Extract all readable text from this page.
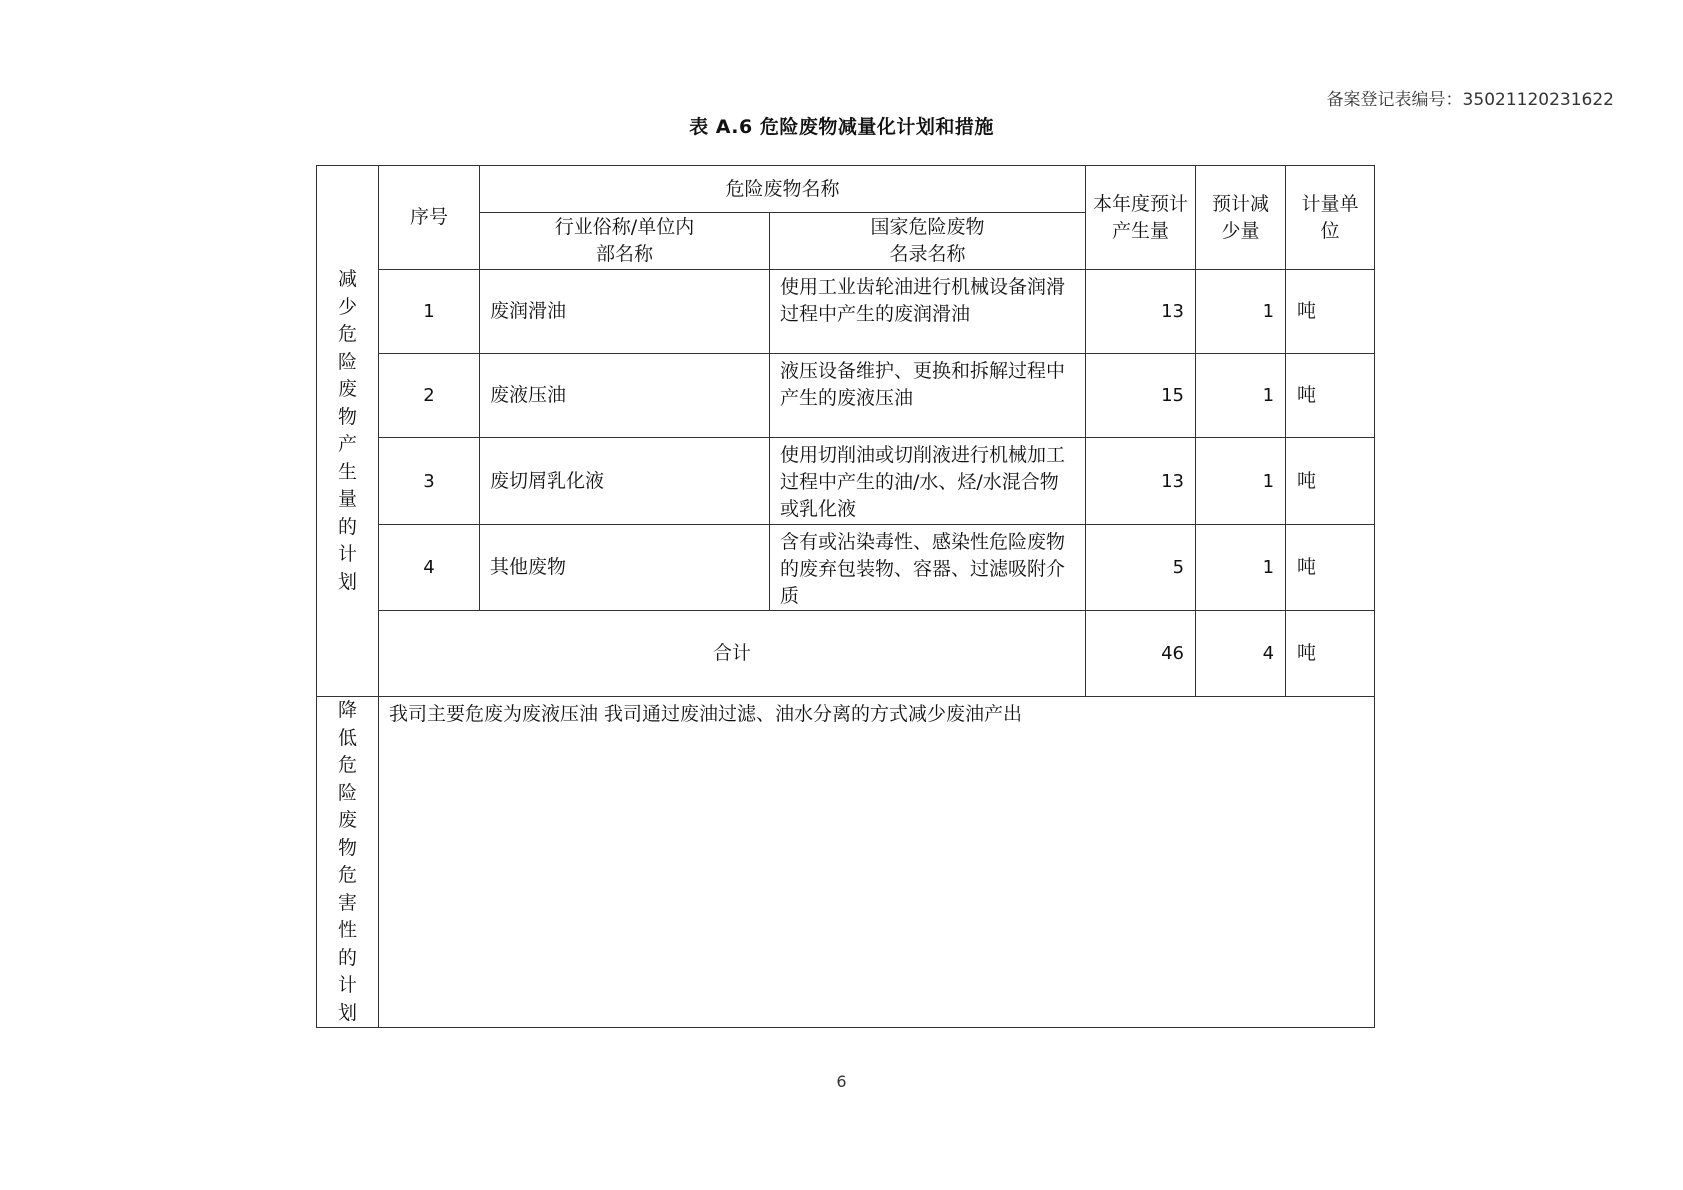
备案登记表编号：35021120231622
表 A.6 危险废物减量化计划和措施
减少危险废物产生量的计划	序号	危险废物名称		本年度预计产生量	预计减少量	计量单位
		行业俗称/单位内部名称	国家危险废物名录名称			
	1	废润滑油	使用工业齿轮油进行机械设备润滑过程中产生的废润滑油	13	1	吨
	2	废液压油	液压设备维护、更换和拆解过程中产生的废液压油	15	1	吨
	3	废切屑乳化液	使用切削油或切削液进行机械加工过程中产生的油/水、烃/水混合物或乳化液	13	1	吨
	4	其他废物	含有或沾染毒性、感染性危险废物的废弃包装物、容器、过滤吸附介质	5	1	吨
	合计			46	4	吨

降低危险废物危害性的计划	我司主要危废为废液压油 我司通过废油过滤、油水分离的方式减少废油产出					
6
